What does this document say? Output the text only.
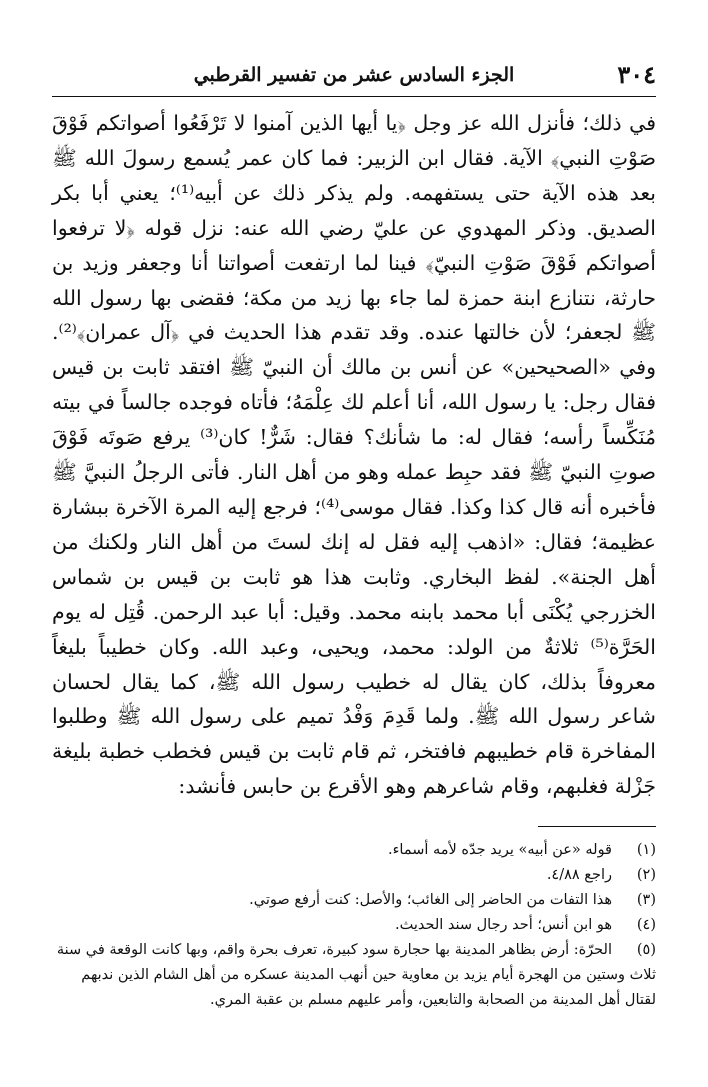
٣٠٤
الجزء السادس عشر من تفسير القرطبي

في ذلك؛ فأنزل الله عز وجل ﴿يا أيها الذين آمنوا لا تَرْفَعُوا أصواتكم فَوْقَ صَوْتِ النبي﴾ الآية. فقال ابن الزبير: فما كان عمر يُسمع رسولَ الله ﷺ بعد هذه الآية حتى يستفهمه. ولم يذكر ذلك عن أبيه⁽¹⁾؛ يعني أبا بكر الصديق. وذكر المهدوي عن عليّ رضي الله عنه: نزل قوله ﴿لا ترفعوا أصواتكم فَوْقَ صَوْتِ النبيّ﴾ فينا لما ارتفعت أصواتنا أنا وجعفر وزيد بن حارثة، نتنازع ابنة حمزة لما جاء بها زيد من مكة؛ فقضى بها رسول الله ﷺ لجعفر؛ لأن خالتها عنده. وقد تقدم هذا الحديث في ﴿آل عمران﴾⁽²⁾. وفي «الصحيحين» عن أنس بن مالك أن النبيّ ﷺ افتقد ثابت بن قيس فقال رجل: يا رسول الله، أنا أعلم لك عِلْمَهُ؛ فأتاه فوجده جالساً في بيته مُنَكِّساً رأسه؛ فقال له: ما شأنك؟ فقال: شَرٌّ! كان⁽³⁾ يرفع صَوتَه فَوْقَ صوتِ النبيّ ﷺ فقد حبِط عمله وهو من أهل النار. فأتى الرجلُ النبيَّ ﷺ فأخبره أنه قال كذا وكذا. فقال موسى⁽⁴⁾؛ فرجع إليه المرة الآخرة ببشارة عظيمة؛ فقال: «اذهب إليه فقل له إنك لستَ من أهل النار ولكنك من أهل الجنة». لفظ البخاري. وثابت هذا هو ثابت بن قيس بن شماس الخزرجي يُكْنَى أبا محمد بابنه محمد. وقيل: أبا عبد الرحمن. قُتِل له يوم الحَرَّة⁽⁵⁾ ثلاثةٌ من الولد: محمد، ويحيى، وعبد الله. وكان خطيباً بليغاً معروفاً بذلك، كان يقال له خطيب رسول الله ﷺ، كما يقال لحسان شاعر رسول الله ﷺ. ولما قَدِمَ وَفْدُ تميم على رسول الله ﷺ وطلبوا المفاخرة قام خطيبهم فافتخر، ثم قام ثابت بن قيس فخطب خطبة بليغة جَزْلة فغلبهم، وقام شاعرهم وهو الأقرع بن حابس فأنشد:

(١)قوله «عن أبيه» يريد جدّه لأمه أسماء.

(٢)راجع ٤/٨٨.

(٣)هذا التفات من الحاضر إلى الغائب؛ والأصل: كنت أرفع صوتي.

(٤)هو ابن أنس؛ أحد رجال سند الحديث.

(٥)الحرّة: أرض بظاهر المدينة بها حجارة سود كبيرة، تعرف بحرة واقم، وبها كانت الوقعة في سنة ثلاث وستين من الهجرة أيام يزيد بن معاوية حين أنهب المدينة عسكره من أهل الشام الذين ندبهم لقتال أهل المدينة من الصحابة والتابعين، وأمر عليهم مسلم بن عقبة المري.
